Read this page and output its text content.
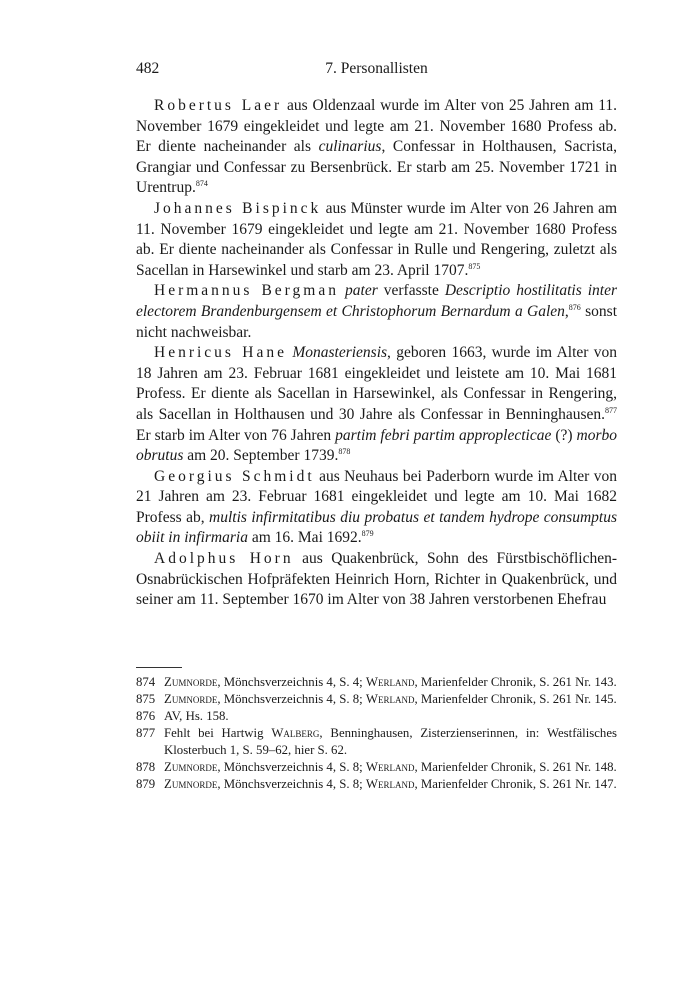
482	7. Personallisten

Robertus Laer aus Oldenzaal wurde im Alter von 25 Jahren am 11. November 1679 eingekleidet und legte am 21. November 1680 Profess ab. Er diente nacheinander als culinarius, Confessar in Holthausen, Sacrista, Grangiar und Confessar zu Bersenbrück. Er starb am 25. November 1721 in Urentrup.$^{874}$

Johannes Bispinck aus Münster wurde im Alter von 26 Jahren am 11. November 1679 eingekleidet und legte am 21. November 1680 Profess ab. Er diente nacheinander als Confessar in Rulle und Rengering, zuletzt als Sacellan in Harsewinkel und starb am 23. April 1707.$^{875}$

Hermannus Bergman pater verfasste Descriptio hostilitatis inter electorem Brandenburgensem et Christophorum Bernardum a Galen,$^{876}$ sonst nicht nachweisbar.

Henricus Hane Monasteriensis, geboren 1663, wurde im Alter von 18 Jahren am 23. Februar 1681 eingekleidet und leistete am 10. Mai 1681 Profess. Er diente als Sacellan in Harsewinkel, als Confessar in Rengering, als Sacellan in Holthausen und 30 Jahre als Confessar in Benninghausen.$^{877}$ Er starb im Alter von 76 Jahren partim febri partim approplecticae (?) morbo obrutus am 20. September 1739.$^{878}$

Georgius Schmidt aus Neuhaus bei Paderborn wurde im Alter von 21 Jahren am 23. Februar 1681 eingekleidet und legte am 10. Mai 1682 Profess ab, multis infirmitatibus diu probatus et tandem hydrope consumptus obiit in infirmaria am 16. Mai 1692.$^{879}$

Adolphus Horn aus Quakenbrück, Sohn des Fürstbischöflichen-Osnabrückischen Hofpräfekten Heinrich Horn, Richter in Quakenbrück, und seiner am 11. September 1670 im Alter von 38 Jahren verstorbenen Ehefrau

874 Zumnorde, Mönchsverzeichnis 4, S. 4; Werland, Marienfelder Chronik, S. 261 Nr. 143.
875 Zumnorde, Mönchsverzeichnis 4, S. 8; Werland, Marienfelder Chronik, S. 261 Nr. 145.
876 AV, Hs. 158.
877 Fehlt bei Hartwig Walberg, Benninghausen, Zisterzienserinnen, in: Westfälisches Klosterbuch 1, S. 59–62, hier S. 62.
878 Zumnorde, Mönchsverzeichnis 4, S. 8; Werland, Marienfelder Chronik, S. 261 Nr. 148.
879 Zumnorde, Mönchsverzeichnis 4, S. 8; Werland, Marienfelder Chronik, S. 261 Nr. 147.
